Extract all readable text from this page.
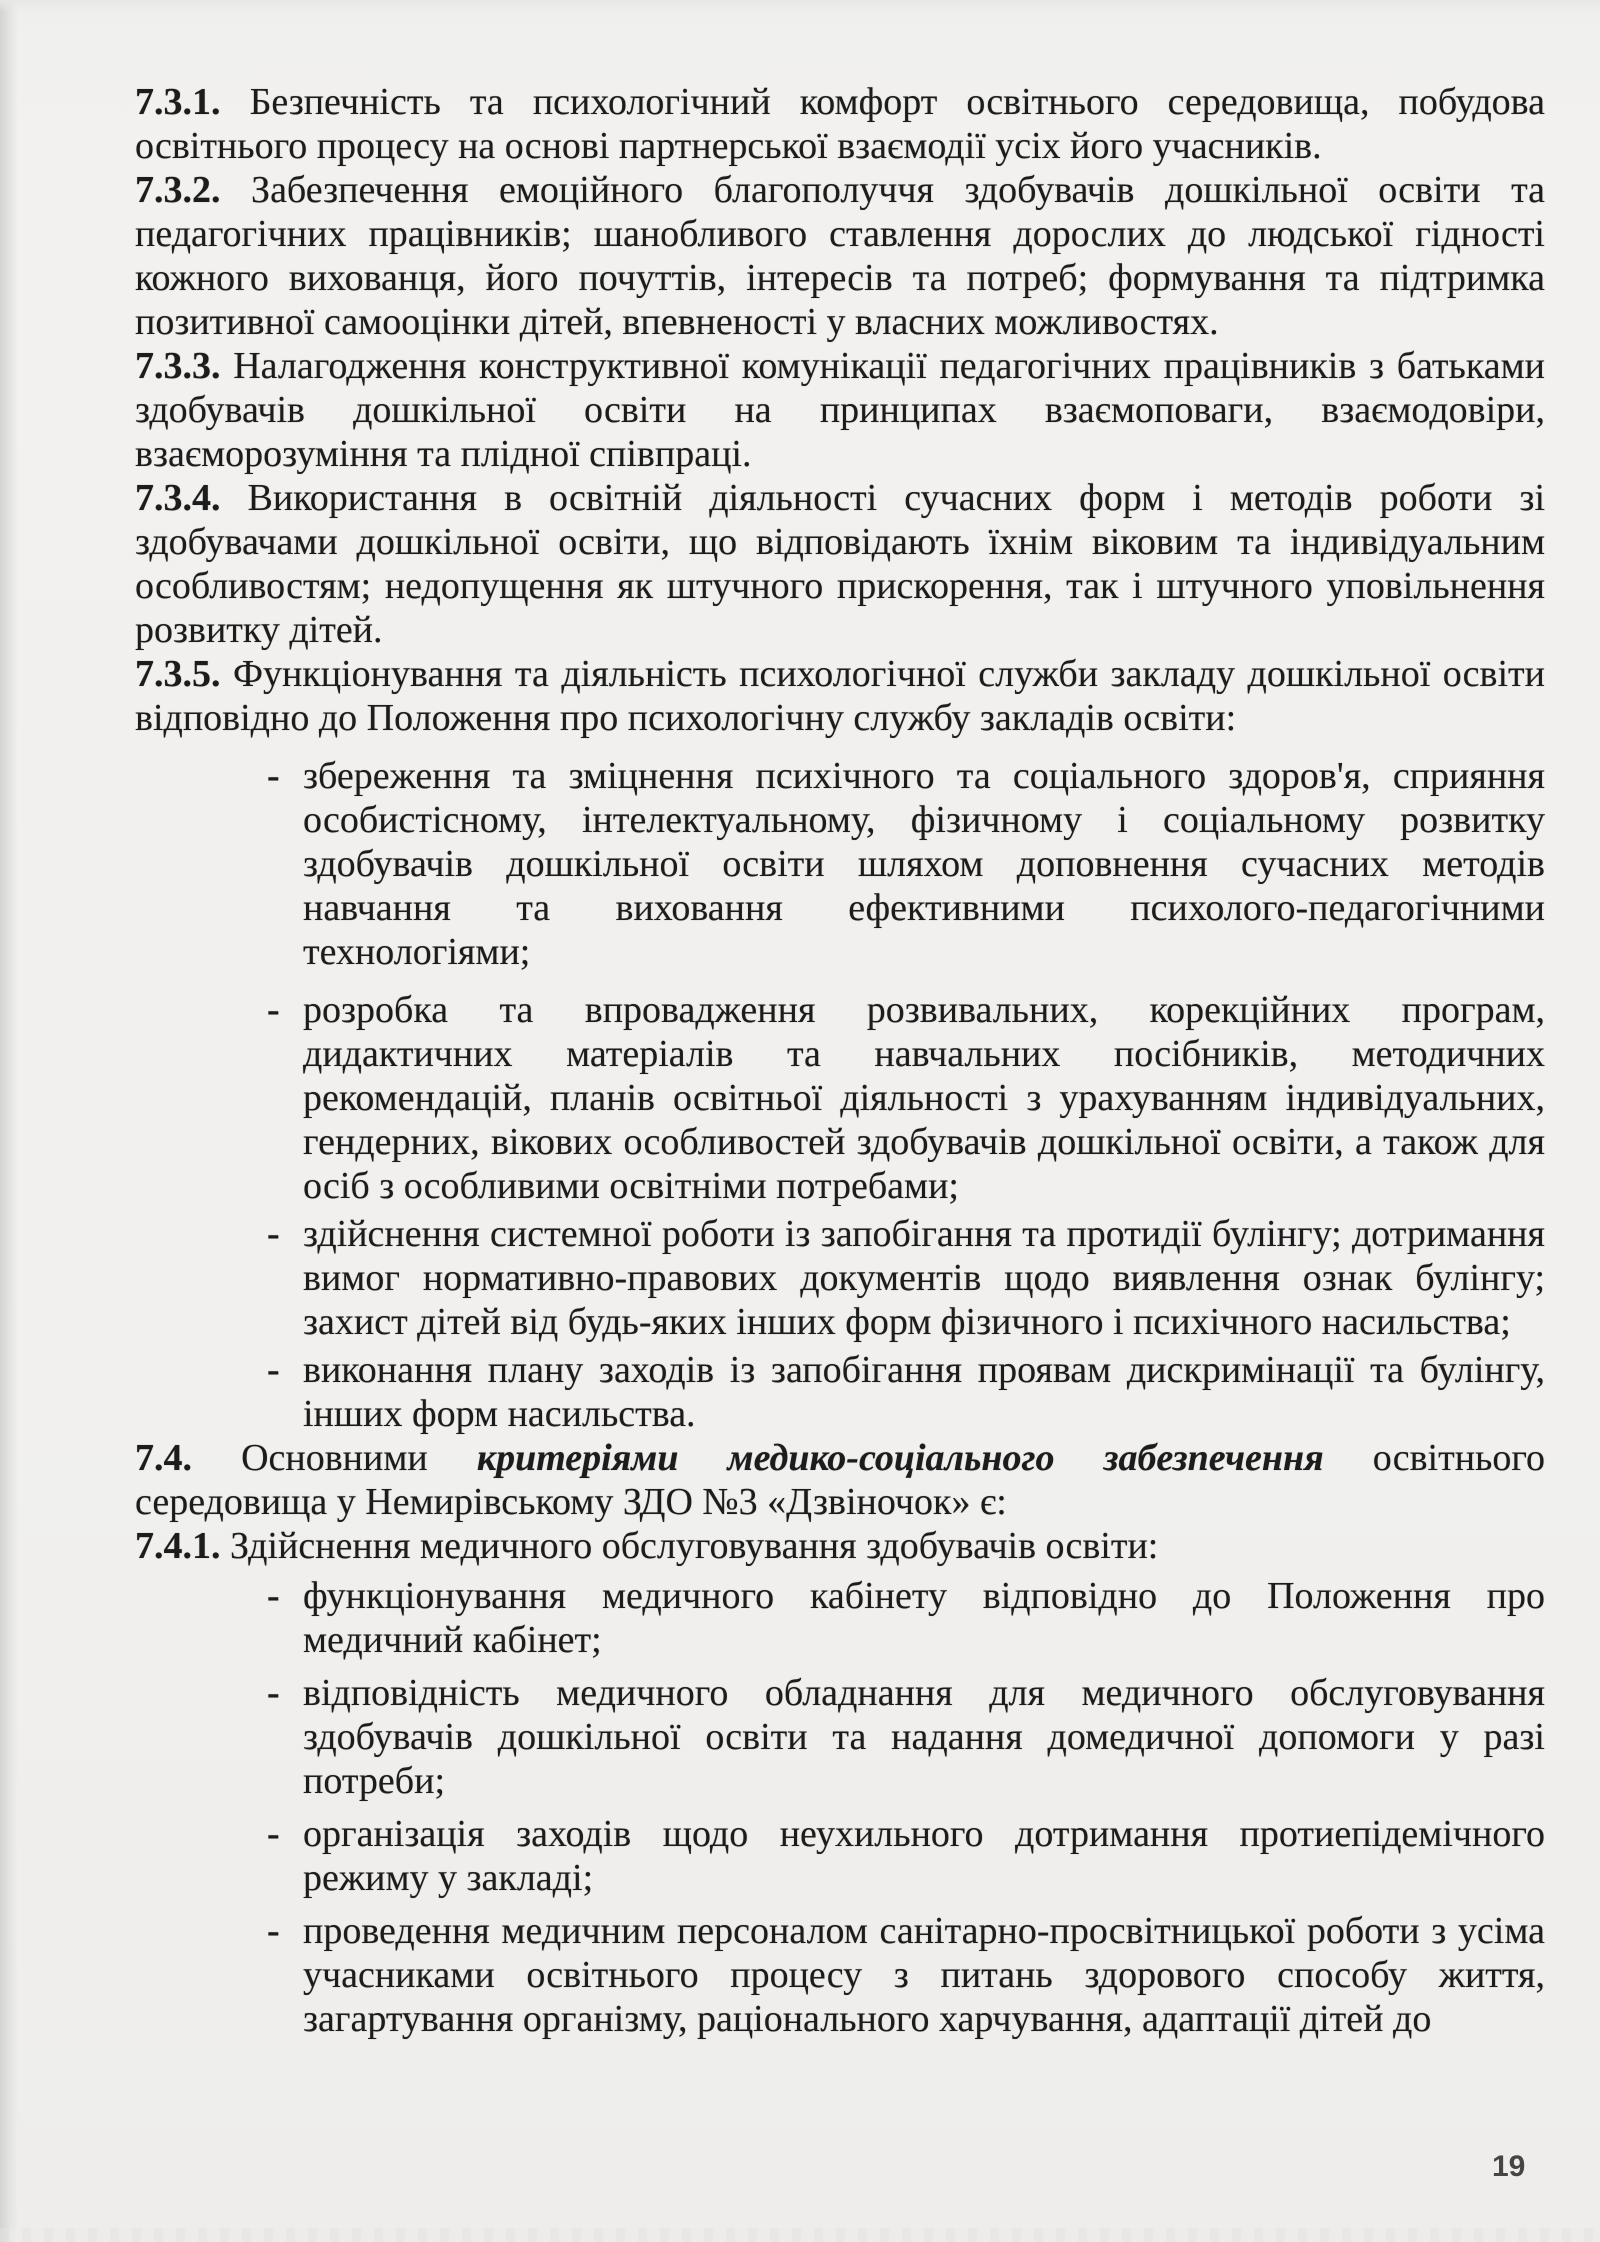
7.3.1. Безпечність та психологічний комфорт освітнього середовища, побудова освітнього процесу на основі партнерської взаємодії усіх його учасників.

7.3.2. Забезпечення емоційного благополуччя здобувачів дошкільної освіти та педагогічних працівників; шанобливого ставлення дорослих до людської гідності кожного вихованця, його почуттів, інтересів та потреб; формування та підтримка позитивної самооцінки дітей, впевненості у власних можливостях.

7.3.3. Налагодження конструктивної комунікації педагогічних працівників з батьками здобувачів дошкільної освіти на принципах взаємоповаги, взаємодовіри, взаєморозуміння та плідної співпраці.

7.3.4. Використання в освітній діяльності сучасних форм і методів роботи зі здобувачами дошкільної освіти, що відповідають їхнім віковим та індивідуальним особливостям; недопущення як штучного прискорення, так і штучного уповільнення розвитку дітей.

7.3.5. Функціонування та діяльність психологічної служби закладу дошкільної освіти відповідно до Положення про психологічну службу закладів освіти:

- збереження та зміцнення психічного та соціального здоров'я, сприяння особистісному, інтелектуальному, фізичному і соціальному розвитку здобувачів дошкільної освіти шляхом доповнення сучасних методів навчання та виховання ефективними психолого-педагогічними технологіями;
- розробка та впровадження розвивальних, корекційних програм, дидактичних матеріалів та навчальних посібників, методичних рекомендацій, планів освітньої діяльності з урахуванням індивідуальних, гендерних, вікових особливостей здобувачів дошкільної освіти, а також для осіб з особливими освітніми потребами;
- здійснення системної роботи із запобігання та протидії булінгу; дотримання вимог нормативно-правових документів щодо виявлення ознак булінгу; захист дітей від будь-яких інших форм фізичного і психічного насильства;
- виконання плану заходів із запобігання проявам дискримінації та булінгу, інших форм насильства.

7.4. Основними критеріями медико-соціального забезпечення освітнього середовища у Немирівському ЗДО №3 «Дзвіночок» є:

7.4.1. Здійснення медичного обслуговування здобувачів освіти:

- функціонування медичного кабінету відповідно до Положення про медичний кабінет;
- відповідність медичного обладнання для медичного обслуговування здобувачів дошкільної освіти та надання домедичної допомоги у разі потреби;
- організація заходів щодо неухильного дотримання протиепідемічного режиму у закладі;
- проведення медичним персоналом санітарно-просвітницької роботи з усіма учасниками освітнього процесу з питань здорового способу життя, загартування організму, раціонального харчування, адаптації дітей до
19
